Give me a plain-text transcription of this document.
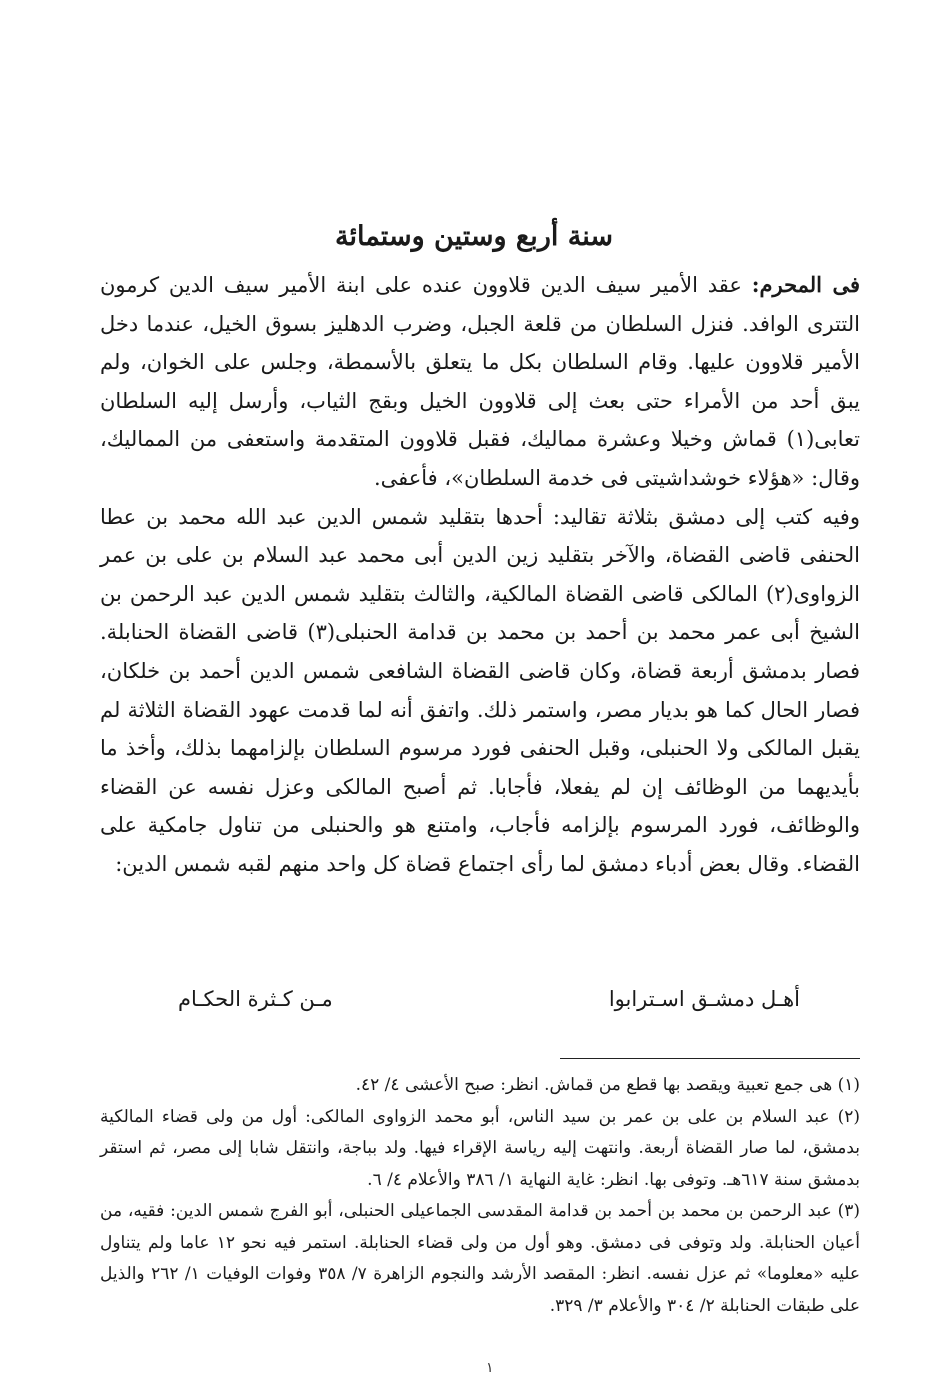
سنة أربع وستين وستمائة

فى المحرم: عقد الأمير سيف الدين قلاوون عنده على ابنة الأمير سيف الدين كرمون التترى الوافد. فنزل السلطان من قلعة الجبل، وضرب الدهليز بسوق الخيل، عندما دخل الأمير قلاوون عليها. وقام السلطان بكل ما يتعلق بالأسمطة، وجلس على الخوان، ولم يبق أحد من الأمراء حتى بعث إلى قلاوون الخيل وبقج الثياب، وأرسل إليه السلطان تعابى(١) قماش وخيلا وعشرة مماليك، فقبل قلاوون المتقدمة واستعفى من المماليك، وقال: «هؤلاء خوشداشيتى فى خدمة السلطان»، فأعفى.

وفيه كتب إلى دمشق بثلاثة تقاليد: أحدها بتقليد شمس الدين عبد الله محمد بن عطا الحنفى قاضى القضاة، والآخر بتقليد زين الدين أبى محمد عبد السلام بن على بن عمر الزواوى(٢) المالكى قاضى القضاة المالكية، والثالث بتقليد شمس الدين عبد الرحمن بن الشيخ أبى عمر محمد بن أحمد بن محمد بن قدامة الحنبلى(٣) قاضى القضاة الحنابلة. فصار بدمشق أربعة قضاة، وكان قاضى القضاة الشافعى شمس الدين أحمد بن خلكان، فصار الحال كما هو بديار مصر، واستمر ذلك. واتفق أنه لما قدمت عهود القضاة الثلاثة لم يقبل المالكى ولا الحنبلى، وقبل الحنفى فورد مرسوم السلطان بإلزامهما بذلك، وأخذ ما بأيديهما من الوظائف إن لم يفعلا، فأجابا. ثم أصبح المالكى وعزل نفسه عن القضاء والوظائف، فورد المرسوم بإلزامه فأجاب، وامتنع هو والحنبلى من تناول جامكية على القضاء. وقال بعض أدباء دمشق لما رأى اجتماع قضاة كل واحد منهم لقبه شمس الدين:

أهـل دمشـق اسـترابوا
مـن كـثرة الحكـام

(١) هى جمع تعبية ويقصد بها قطع من قماش. انظر: صبح الأعشى ٤/ ٤٢.

(٢) عبد السلام بن على بن عمر بن سيد الناس، أبو محمد الزواوى المالكى: أول من ولى قضاء المالكية بدمشق، لما صار القضاة أربعة. وانتهت إليه رياسة الإقراء فيها. ولد بباجة، وانتقل شابا إلى مصر، ثم استقر بدمشق سنة ٦١٧هـ. وتوفى بها. انظر: غاية النهاية ١/ ٣٨٦ والأعلام ٤/ ٦.

(٣) عبد الرحمن بن محمد بن أحمد بن قدامة المقدسى الجماعيلى الحنبلى، أبو الفرج شمس الدين: فقيه، من أعيان الحنابلة. ولد وتوفى فى دمشق. وهو أول من ولى قضاء الحنابلة. استمر فيه نحو ١٢ عاما ولم يتناول عليه «معلوما» ثم عزل نفسه. انظر: المقصد الأرشد والنجوم الزاهرة ٧/ ٣٥٨ وفوات الوفيات ١/ ٢٦٢ والذيل على طبقات الحنابلة ٢/ ٣٠٤ والأعلام ٣/ ٣٢٩.

١
